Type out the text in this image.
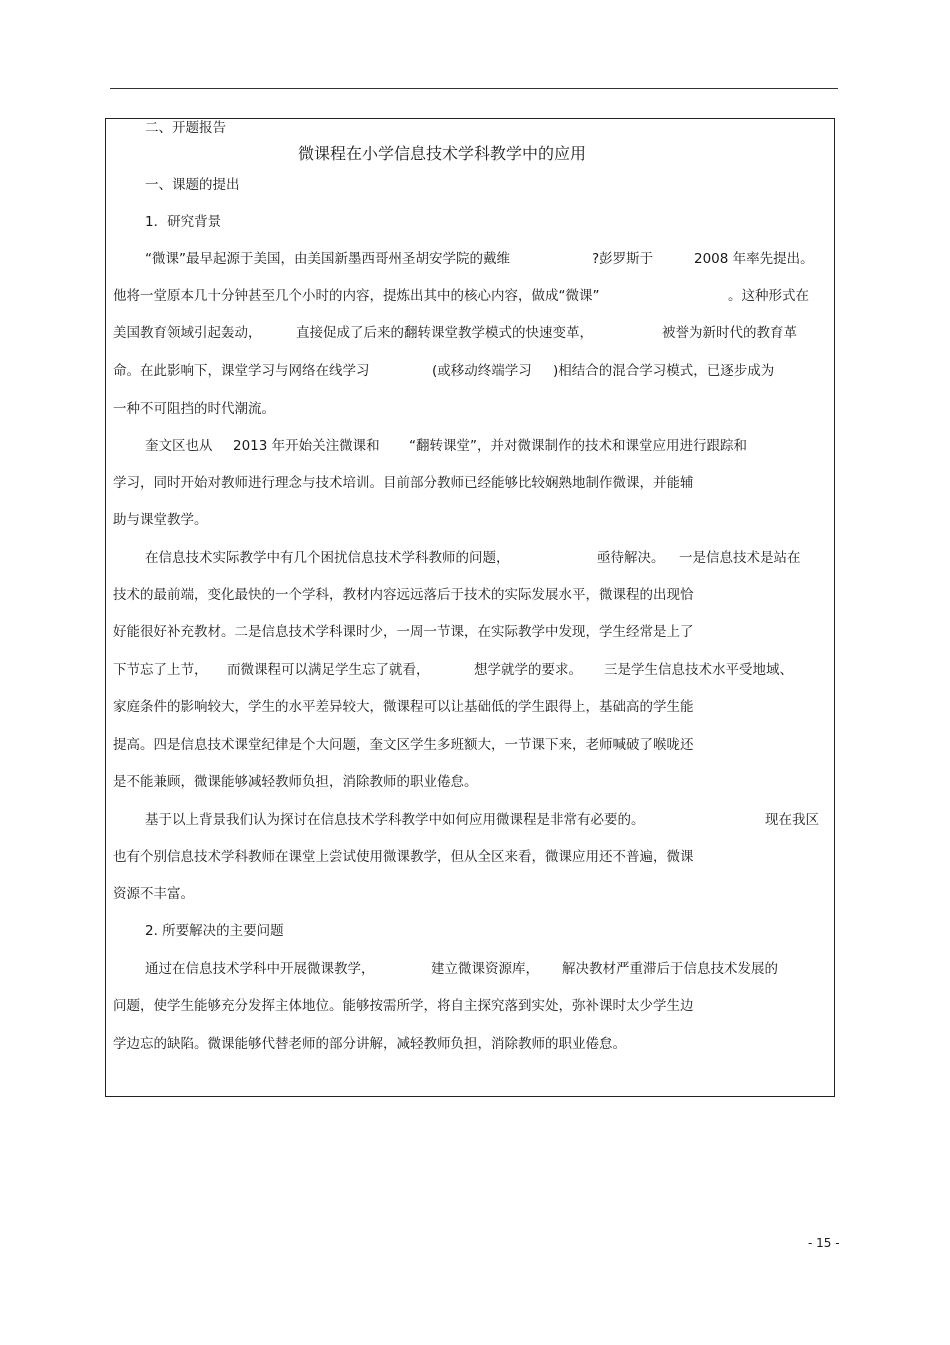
二、开题报告
微课程在小学信息技术学科教学中的应用
一、课题的提出
1．研究背景
“微课”最早起源于美国，由美国新墨西哥州圣胡安学院的戴维	?彭罗斯于	2008 年率先提出。
他将一堂原本几十分钟甚至几个小时的内容，提炼出其中的核心内容，做成“微课”	。这种形式在
美国教育领域引起轰动，	直接促成了后来的翻转课堂教学模式的快速变革，	被誉为新时代的教育革
命。在此影响下，课堂学习与网络在线学习	(或移动终端学习 )相结合的混合学习模式，已逐步成为
一种不可阻挡的时代潮流。
奎文区也从 2013 年开始关注微课和 “翻转课堂”，并对微课制作的技术和课堂应用进行跟踪和
学习，同时开始对教师进行理念与技术培训。目前部分教师已经能够比较娴熟地制作微课，并能辅
助与课堂教学。
在信息技术实际教学中有几个困扰信息技术学科教师的问题，	亟待解决。 一是信息技术是站在
技术的最前端，变化最快的一个学科，教材内容远远落后于技术的实际发展水平，微课程的出现恰
好能很好补充教材。二是信息技术学科课时少，一周一节课，在实际教学中发现，学生经常是上了
下节忘了上节， 而微课程可以满足学生忘了就看，	想学就学的要求。 三是学生信息技术水平受地域、
家庭条件的影响较大，学生的水平差异较大，微课程可以让基础低的学生跟得上，基础高的学生能
提高。四是信息技术课堂纪律是个大问题，奎文区学生多班额大，一节课下来，老师喊破了喉咙还
是不能兼顾，微课能够减轻教师负担，消除教师的职业倦怠。
基于以上背景我们认为探讨在信息技术学科教学中如何应用微课程是非常有必要的。	现在我区
也有个别信息技术学科教师在课堂上尝试使用微课教学，但从全区来看，微课应用还不普遍，微课
资源不丰富。
2. 所要解决的主要问题
通过在信息技术学科中开展微课教学，	建立微课资源库， 解决教材严重滞后于信息技术发展的
问题，使学生能够充分发挥主体地位。能够按需所学，将自主探究落到实处，弥补课时太少学生边
学边忘的缺陷。微课能够代替老师的部分讲解，减轻教师负担，消除教师的职业倦怠。
- 15 -
